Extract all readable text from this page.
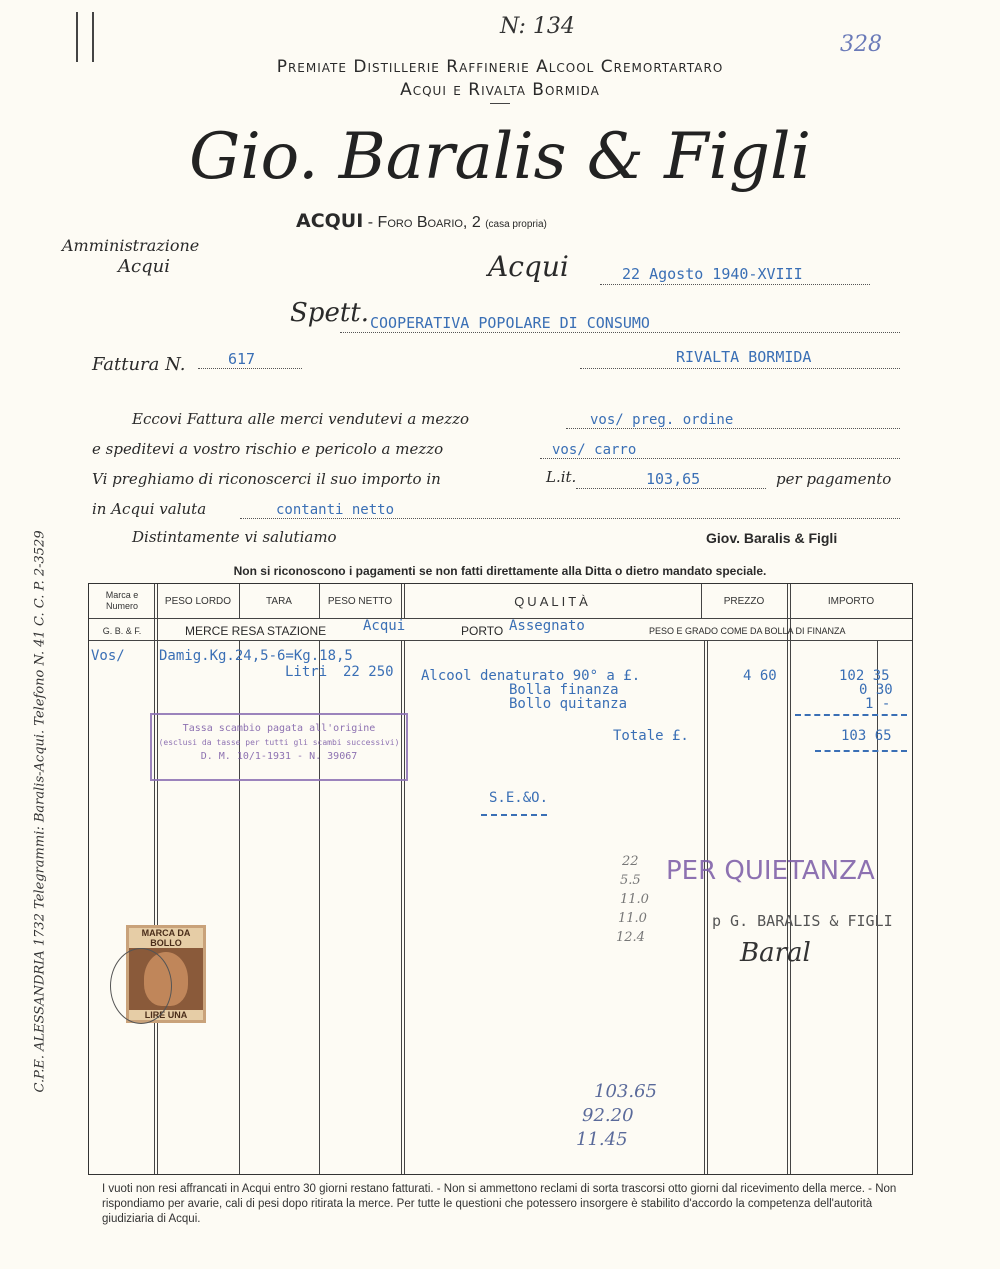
N: 134
328
Premiate Distillerie Raffinerie Alcool Cremortartaro
Acqui e Rivalta Bormida
Gio. Baralis & Figli
ACQUI - Foro Boario, 2 (casa propria)
Amministrazione
Acqui	Acqui	22 Agosto 1940-XVIII
Spett. COOPERATIVA POPOLARE DI CONSUMO
RIVALTA BORMIDA
Fattura N.	617
Eccovi Fattura alle merci vendutevi a mezzo	vos/ preg. ordine
e speditevi a vostro rischio e pericolo a mezzo	vos/ carro
Vi preghiamo di riconoscerci il suo importo in	L.it.	103,65	per pagamento
in Acqui valuta	contanti netto
Distintamente vi salutiamo	Giov. Baralis & Figli
Non si riconoscono i pagamenti se non fatti direttamente alla Ditta o dietro mandato speciale.
Marca e Numero	PESO LORDO	TARA	PESO NETTO	QUALITÀ	PREZZO	IMPORTO
G. B. & F.	MERCE RESA STAZIONE	Acqui	PORTO Assegnato	PESO E GRADO COME DA BOLLA DI FINANZA
Vos/ Damig.Kg.24,5-6=Kg.18,5
Alcool denaturato 90° a £.	4 60	102 35
Litri 22 250
Bolla finanza	0 30
Bollo quitanza	1 -
Totale £.	103 65
S.E.&O.
Tassa scambio pagata all'origine
(esclusi da tasse per tutti gli scambi successivi)
D. M. 10/1-1931 - N. 39067
22
5.5
11.0
11.0
12.4
PER QUIETANZA
p G. BARALIS & FIGLI
Baral
MARCA DA BOLLO
LIRE UNA
103.65
92.20
11.45
C.P.E. ALESSANDRIA 1732 Telegrammi: Baralis-Acqui. Telefono N. 41 C. C. P. 2-3529
I vuoti non resi affrancati in Acqui entro 30 giorni restano fatturati. - Non si ammettono reclami di sorta trascorsi otto giorni dal ricevimento della merce. - Non rispondiamo per avarie, cali di pesi dopo ritirata la merce. Per tutte le questioni che potessero insorgere è stabilito d'accordo la competenza dell'autorità giudiziaria di Acqui.
